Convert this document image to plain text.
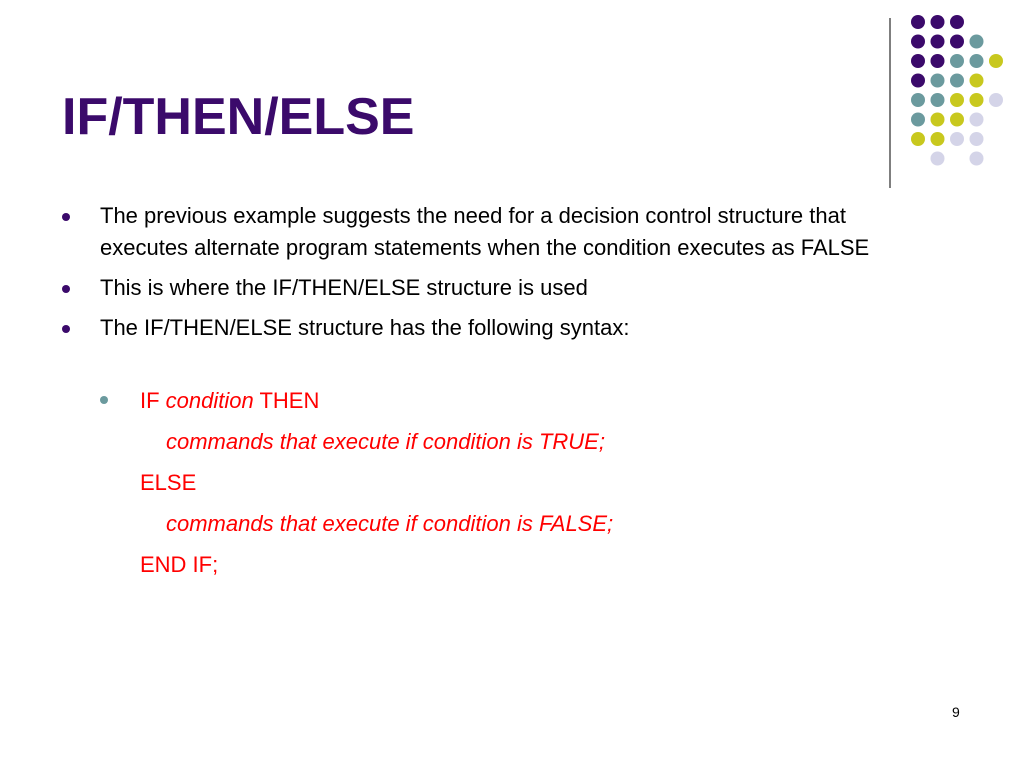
IF/THEN/ELSE
The previous example suggests the need for a decision control structure that executes alternate program statements when the condition executes as FALSE
This is where the IF/THEN/ELSE structure is used
The IF/THEN/ELSE structure has the following syntax:
IF condition THEN
commands that execute if condition is TRUE;
ELSE
commands that execute if condition is FALSE;
END IF;
9
